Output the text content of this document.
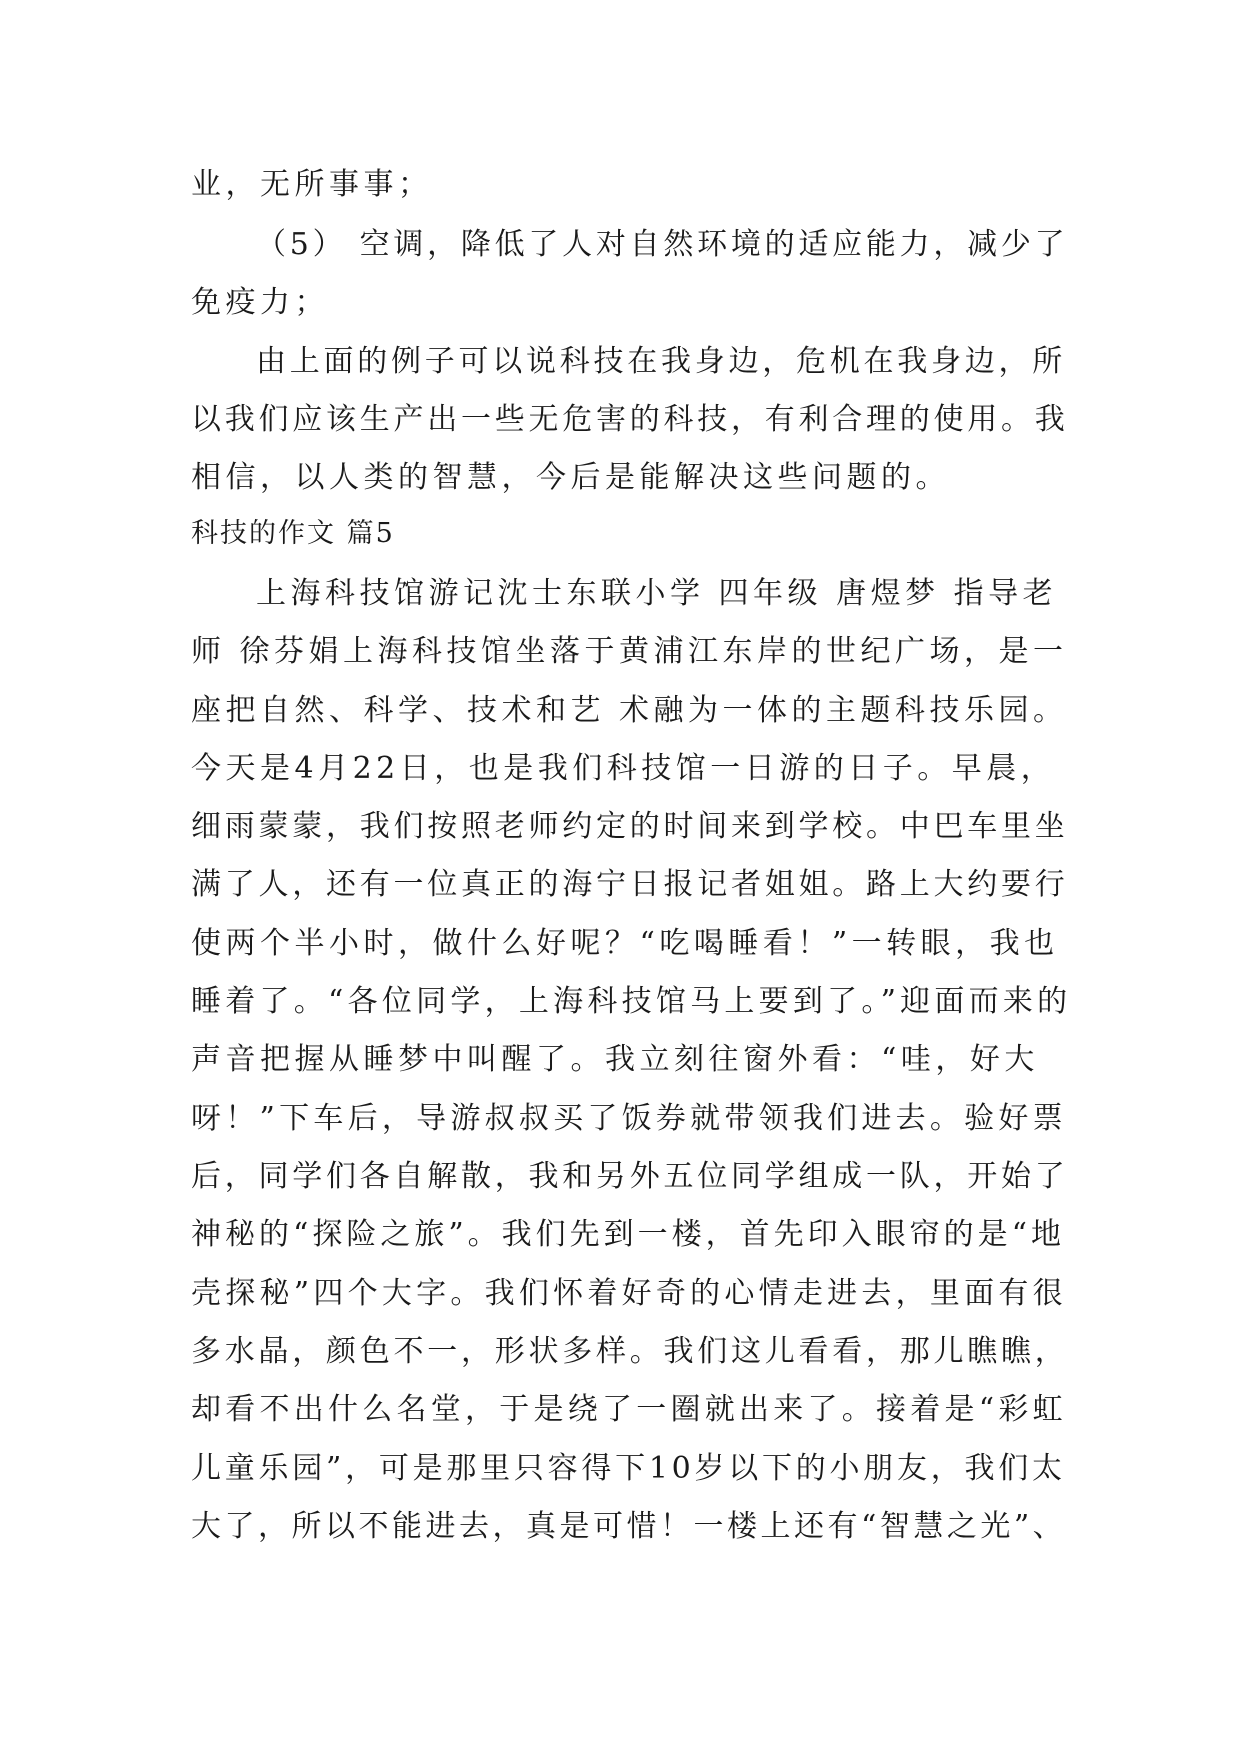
业，无所事事；
（5） 空调，降低了人对自然环境的适应能力，减少了
免疫力；
由上面的例子可以说科技在我身边，危机在我身边，所
以我们应该生产出一些无危害的科技，有利合理的使用。我
相信，以人类的智慧，今后是能解决这些问题的。
科技的作文 篇5
上海科技馆游记沈士东联小学 四年级 唐煜梦 指导老
师 徐芬娟上海科技馆坐落于黄浦江东岸的世纪广场，是一
座把自然、科学、技术和艺 术融为一体的主题科技乐园。
今天是4月22日，也是我们科技馆一日游的日子。早晨，
细雨蒙蒙，我们按照老师约定的时间来到学校。中巴车里坐
满了人，还有一位真正的海宁日报记者姐姐。路上大约要行
使两个半小时，做什么好呢？“吃喝睡看！”一转眼，我也
睡着了。“各位同学，上海科技馆马上要到了。”迎面而来的
声音把握从睡梦中叫醒了。我立刻往窗外看：“哇，好大
呀！”下车后，导游叔叔买了饭券就带领我们进去。验好票
后，同学们各自解散，我和另外五位同学组成一队，开始了
神秘的“探险之旅”。我们先到一楼，首先印入眼帘的是“地
壳探秘”四个大字。我们怀着好奇的心情走进去，里面有很
多水晶，颜色不一，形状多样。我们这儿看看，那儿瞧瞧，
却看不出什么名堂，于是绕了一圈就出来了。接着是“彩虹
儿童乐园”，可是那里只容得下10岁以下的小朋友，我们太
大了，所以不能进去，真是可惜！一楼上还有“智慧之光”、
